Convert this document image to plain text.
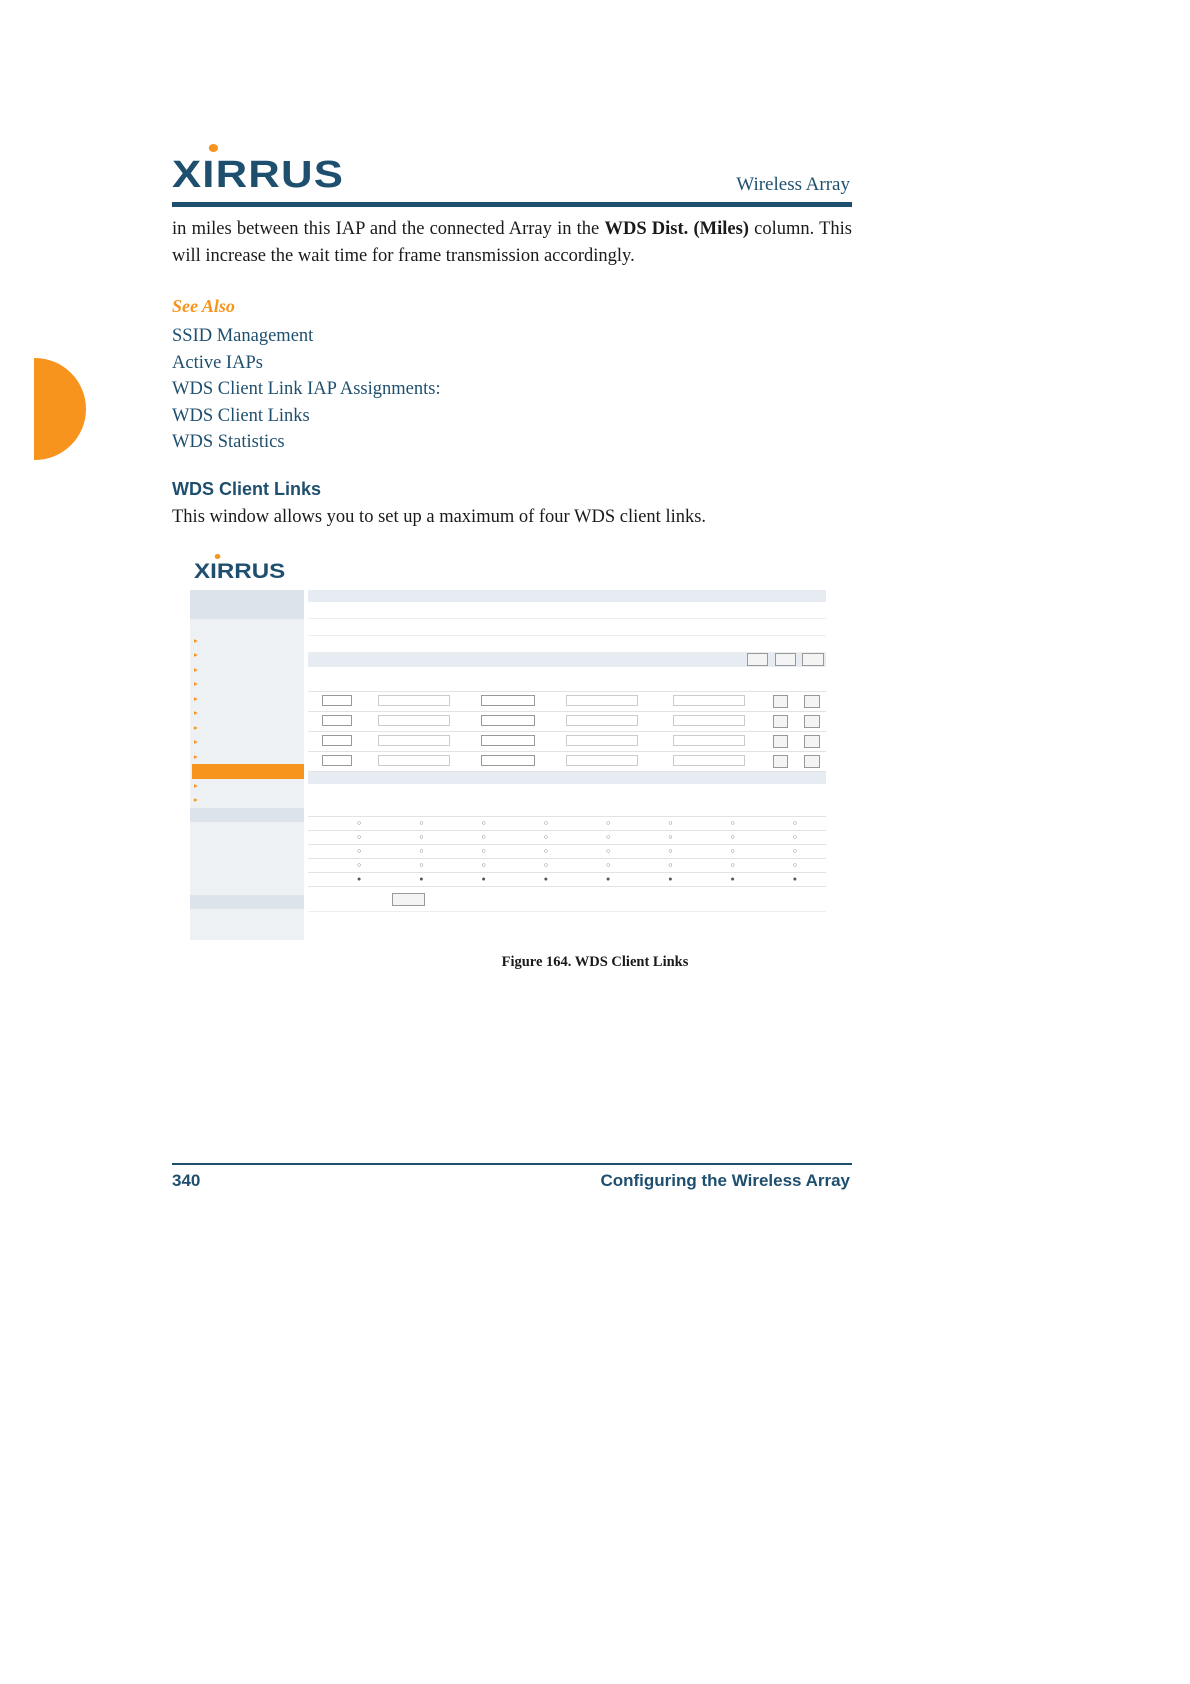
XIRRUS	Wireless Array
in miles between this IAP and the connected Array in the WDS Dist. (Miles) column. This will increase the wait time for frame transmission accordingly.
See Also
SSID Management
Active IAPs
WDS Client Link IAP Assignments:
WDS Client Links
WDS Statistics
WDS Client Links
This window allows you to set up a maximum of four WDS client links.
XIRRUS

▸
▸
▸
▸
▸
▸
▸
▸
▸

▸
▸

	○	○	○	○	○	○	○	○
	○	○	○	○	○	○	○	○
	○	○	○	○	○	○	○	○
	○	○	○	○	○	○	○	○
	●	●	●	●	●	●	●	●

Figure 164. WDS Client Links
340	Configuring the Wireless Array
